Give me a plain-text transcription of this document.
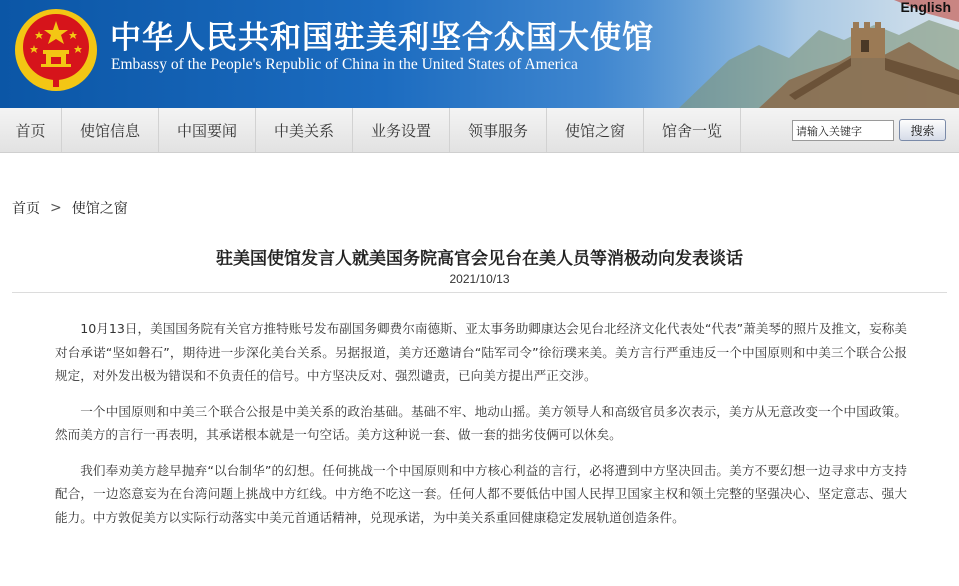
中华人民共和国驻美利坚合众国大使馆
Embassy of the People's Republic of China in the United States of America
English
首页	使馆信息	中国要闻	中美关系	业务设置	领事服务	使馆之窗	馆舍一览
请输入关键字	搜索
首页 > 使馆之窗
驻美国使馆发言人就美国务院高官会见台在美人员等消极动向发表谈话
2021/10/13

10月13日，美国国务院有关官方推特账号发布副国务卿费尔南德斯、亚太事务助卿康达会见台北经济文化代表处“代表”萧美琴的照片及推文，妄称美对台承诺“坚如磐石”，期待进一步深化美台关系。另据报道，美方还邀请台“陆军司令”徐衍璞来美。美方言行严重违反一个中国原则和中美三个联合公报规定，对外发出极为错误和不负责任的信号。中方坚决反对、强烈谴责，已向美方提出严正交涉。

一个中国原则和中美三个联合公报是中美关系的政治基础。基础不牢、地动山摇。美方领导人和高级官员多次表示，美方从无意改变一个中国政策。然而美方的言行一再表明，其承诺根本就是一句空话。美方这种说一套、做一套的拙劣伎俩可以休矣。

我们奉劝美方趁早抛弃“以台制华”的幻想。任何挑战一个中国原则和中方核心利益的言行，必将遭到中方坚决回击。美方不要幻想一边寻求中方支持配合，一边恣意妄为在台湾问题上挑战中方红线。中方绝不吃这一套。任何人都不要低估中国人民捍卫国家主权和领土完整的坚强决心、坚定意志、强大能力。中方敦促美方以实际行动落实中美元首通话精神，兑现承诺，为中美关系重回健康稳定发展轨道创造条件。
